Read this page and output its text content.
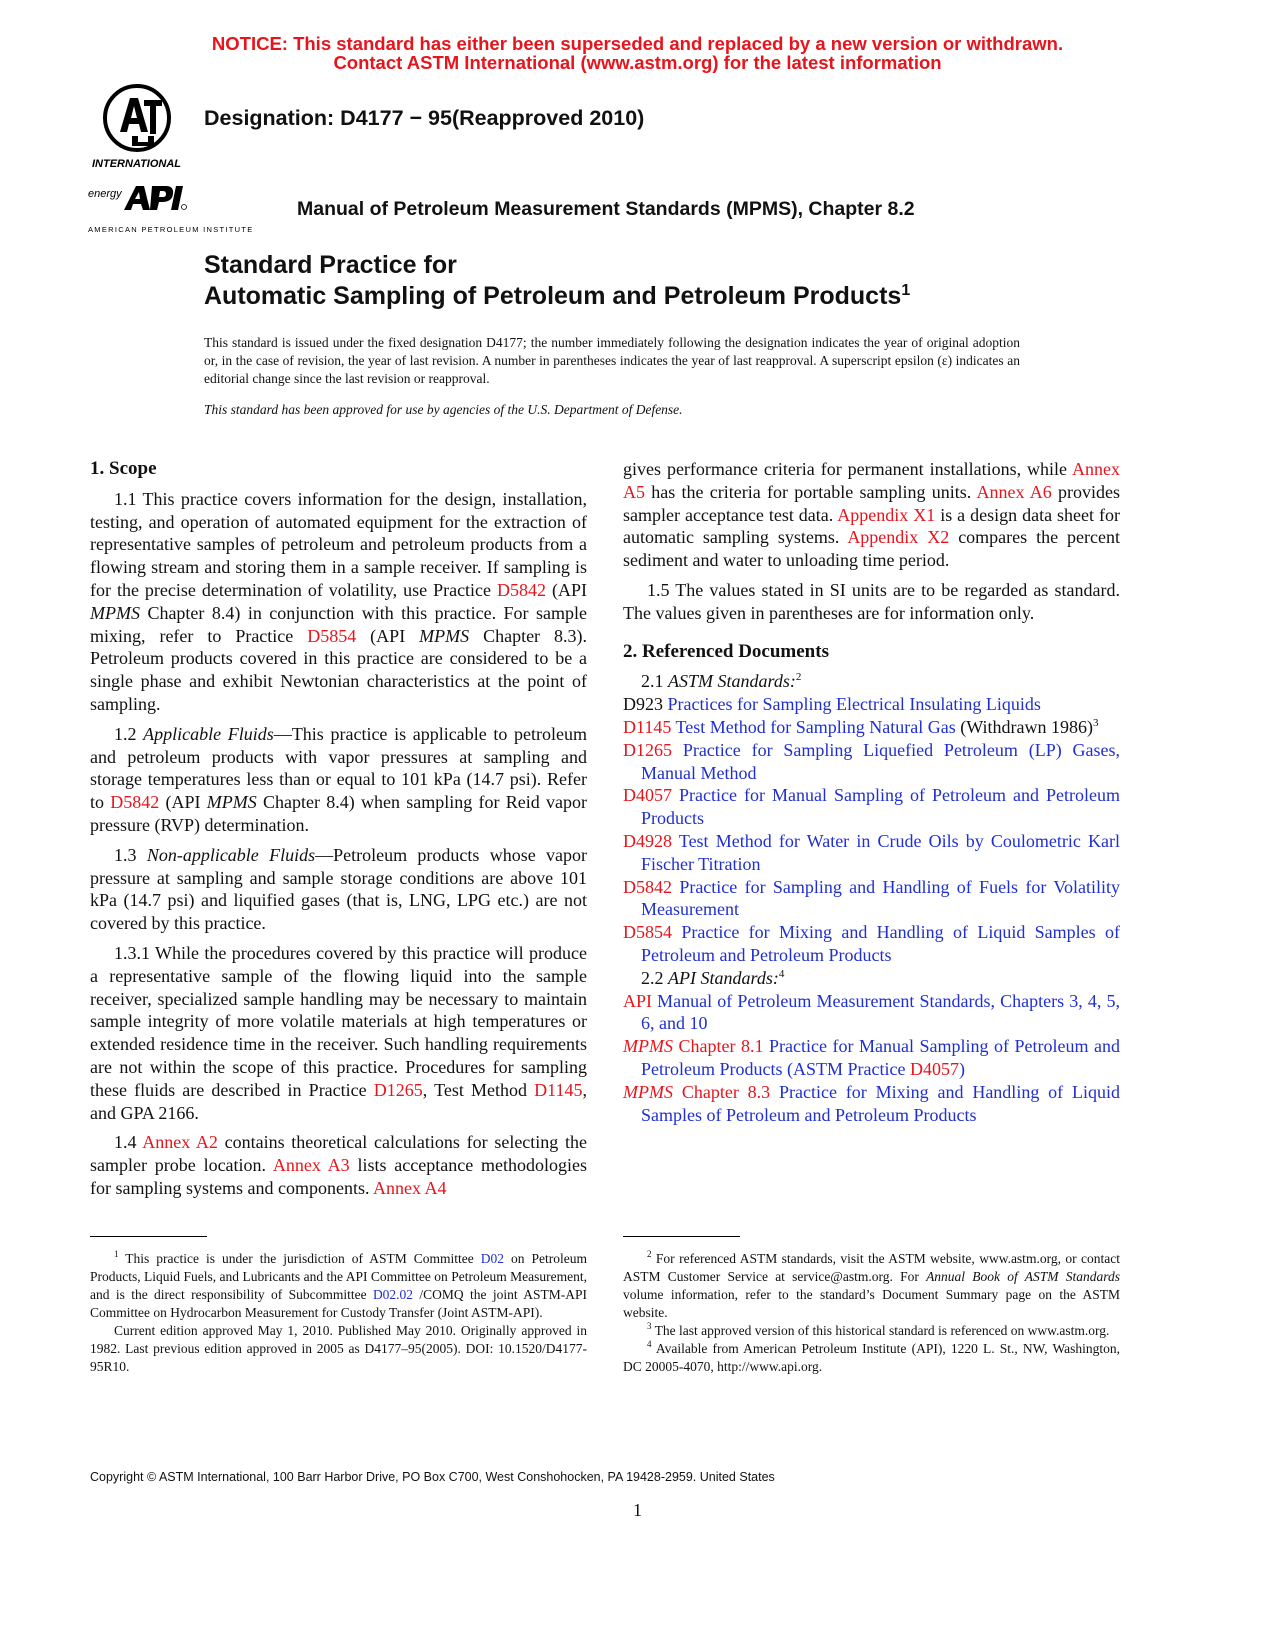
NOTICE: This standard has either been superseded and replaced by a new version or withdrawn.
Contact ASTM International (www.astm.org) for the latest information
INTERNATIONAL
energy
AMERICAN PETROLEUM INSTITUTE
Designation: D4177 − 95(Reapproved 2010)
Manual of Petroleum Measurement Standards (MPMS), Chapter 8.2
Standard Practice for
Automatic Sampling of Petroleum and Petroleum Products$^1$
This standard is issued under the fixed designation D4177; the number immediately following the designation indicates the year of original adoption or, in the case of revision, the year of last revision. A number in parentheses indicates the year of last reapproval. A superscript epsilon (ε) indicates an editorial change since the last revision or reapproval.
This standard has been approved for use by agencies of the U.S. Department of Defense.
1. Scope

1.1 This practice covers information for the design, installation, testing, and operation of automated equipment for the extraction of representative samples of petroleum and petroleum products from a flowing stream and storing them in a sample receiver. If sampling is for the precise determination of volatility, use Practice D5842 (API MPMS Chapter 8.4) in conjunction with this practice. For sample mixing, refer to Practice D5854 (API MPMS Chapter 8.3). Petroleum products covered in this practice are considered to be a single phase and exhibit Newtonian characteristics at the point of sampling.

1.2 Applicable Fluids—This practice is applicable to petroleum and petroleum products with vapor pressures at sampling and storage temperatures less than or equal to 101 kPa (14.7 psi). Refer to D5842 (API MPMS Chapter 8.4) when sampling for Reid vapor pressure (RVP) determination.

1.3 Non-applicable Fluids—Petroleum products whose vapor pressure at sampling and sample storage conditions are above 101 kPa (14.7 psi) and liquified gases (that is, LNG, LPG etc.) are not covered by this practice.

1.3.1 While the procedures covered by this practice will produce a representative sample of the flowing liquid into the sample receiver, specialized sample handling may be necessary to maintain sample integrity of more volatile materials at high temperatures or extended residence time in the receiver. Such handling requirements are not within the scope of this practice. Procedures for sampling these fluids are described in Practice D1265, Test Method D1145, and GPA 2166.

1.4 Annex A2 contains theoretical calculations for selecting the sampler probe location. Annex A3 lists acceptance methodologies for sampling systems and components. Annex A4

gives performance criteria for permanent installations, while Annex A5 has the criteria for portable sampling units. Annex A6 provides sampler acceptance test data. Appendix X1 is a design data sheet for automatic sampling systems. Appendix X2 compares the percent sediment and water to unloading time period.

1.5 The values stated in SI units are to be regarded as standard. The values given in parentheses are for information only.

2. Referenced Documents
2.1 ASTM Standards:$^2$
D923 Practices for Sampling Electrical Insulating Liquids
D1145 Test Method for Sampling Natural Gas (Withdrawn 1986)$^3$
D1265 Practice for Sampling Liquefied Petroleum (LP) Gases, Manual Method
D4057 Practice for Manual Sampling of Petroleum and Petroleum Products
D4928 Test Method for Water in Crude Oils by Coulometric Karl Fischer Titration
D5842 Practice for Sampling and Handling of Fuels for Volatility Measurement
D5854 Practice for Mixing and Handling of Liquid Samples of Petroleum and Petroleum Products
2.2 API Standards:$^4$
API Manual of Petroleum Measurement Standards, Chapters 3, 4, 5, 6, and 10
MPMS Chapter 8.1 Practice for Manual Sampling of Petroleum and Petroleum Products (ASTM Practice D4057)
MPMS Chapter 8.3 Practice for Mixing and Handling of Liquid Samples of Petroleum and Petroleum Products

$^1$ This practice is under the jurisdiction of ASTM Committee D02 on Petroleum Products, Liquid Fuels, and Lubricants and the API Committee on Petroleum Measurement, and is the direct responsibility of Subcommittee D02.02 /COMQ the joint ASTM-API Committee on Hydrocarbon Measurement for Custody Transfer (Joint ASTM-API).

Current edition approved May 1, 2010. Published May 2010. Originally approved in 1982. Last previous edition approved in 2005 as D4177–95(2005). DOI: 10.1520/D4177-95R10.

$^2$ For referenced ASTM standards, visit the ASTM website, www.astm.org, or contact ASTM Customer Service at service@astm.org. For Annual Book of ASTM Standards volume information, refer to the standard’s Document Summary page on the ASTM website.

$^3$ The last approved version of this historical standard is referenced on www.astm.org.

$^4$ Available from American Petroleum Institute (API), 1220 L. St., NW, Washington, DC 20005-4070, http://www.api.org.

Copyright © ASTM International, 100 Barr Harbor Drive, PO Box C700, West Conshohocken, PA 19428-2959. United States
1
